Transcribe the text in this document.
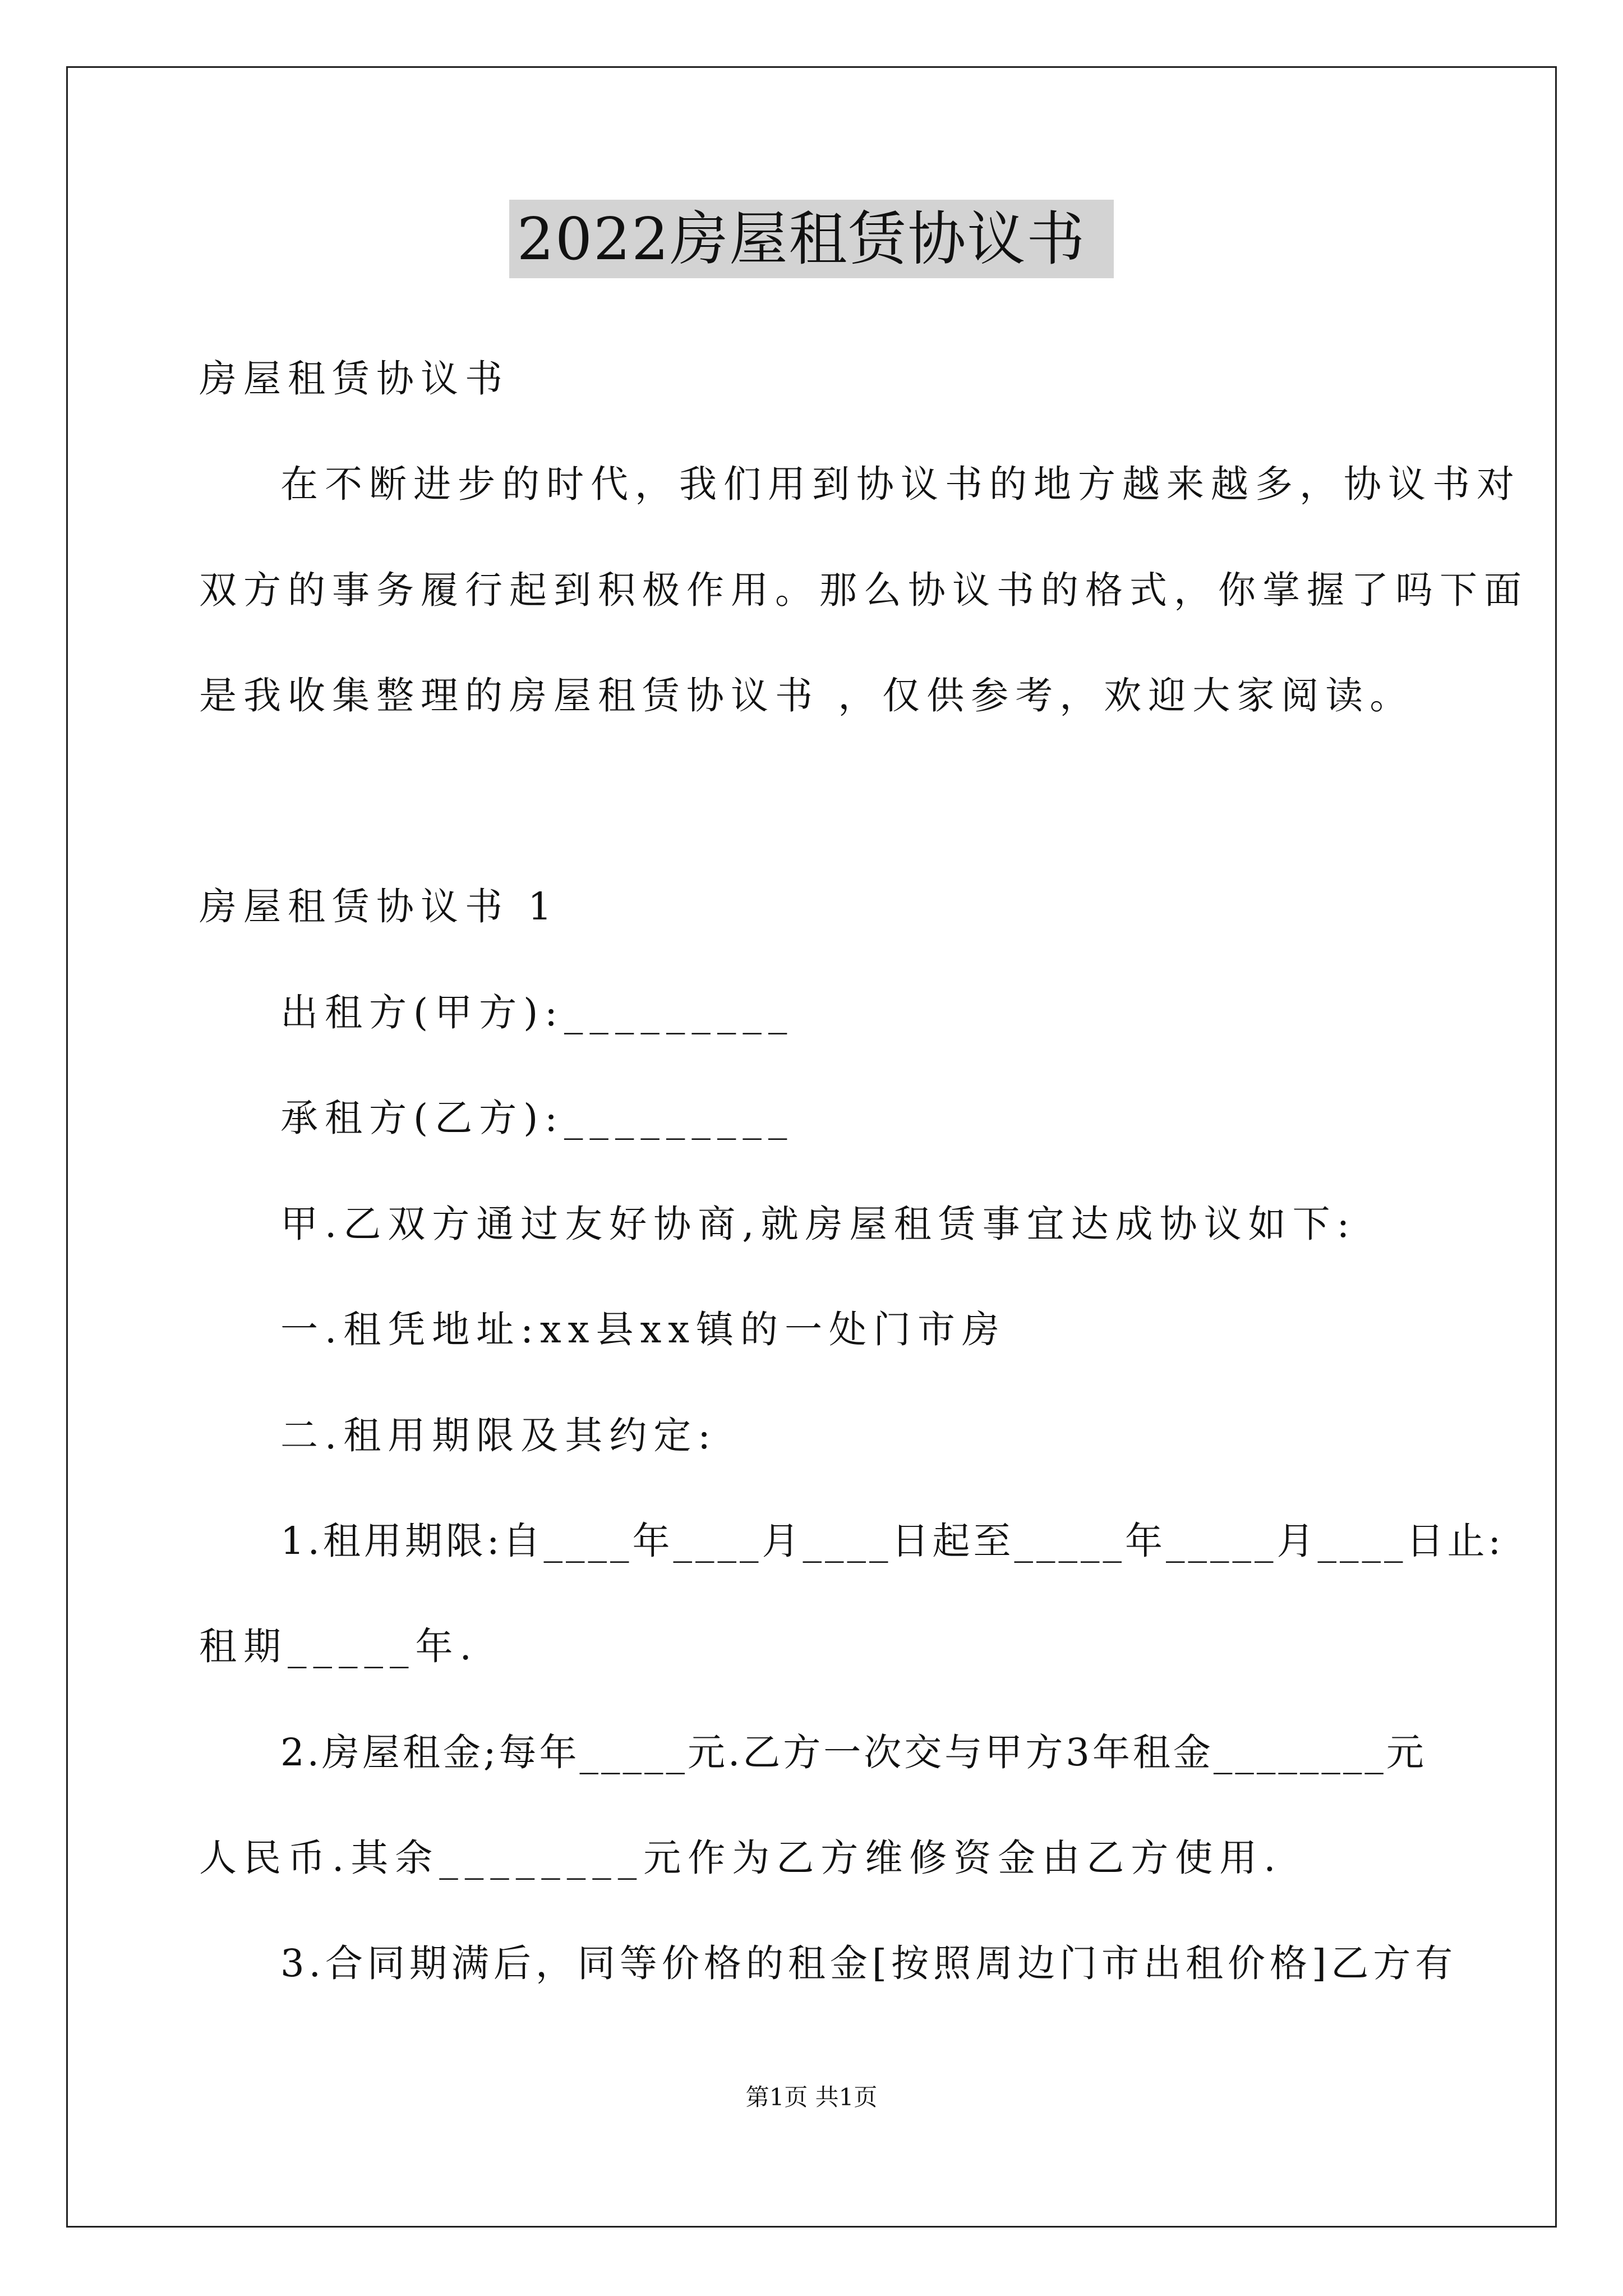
2022房屋租赁协议书
房屋租赁协议书
在不断进步的时代，我们用到协议书的地方越来越多，协议书对
双方的事务履行起到积极作用。那么协议书的格式，你掌握了吗下面
是我收集整理的房屋租赁协议书 ，仅供参考，欢迎大家阅读。
房屋租赁协议书 1
出租方(甲方):_________
承租方(乙方):_________
甲.乙双方通过友好协商,就房屋租赁事宜达成协议如下:
一.租凭地址:xx县xx镇的一处门市房
二.租用期限及其约定:
1.租用期限:自____年____月____日起至_____年_____月____日止:
租期_____年.
2.房屋租金;每年_____元.乙方一次交与甲方3年租金________元
人民币.其余________元作为乙方维修资金由乙方使用.
3.合同期满后，同等价格的租金[按照周边门市出租价格]乙方有
第1页 共1页
